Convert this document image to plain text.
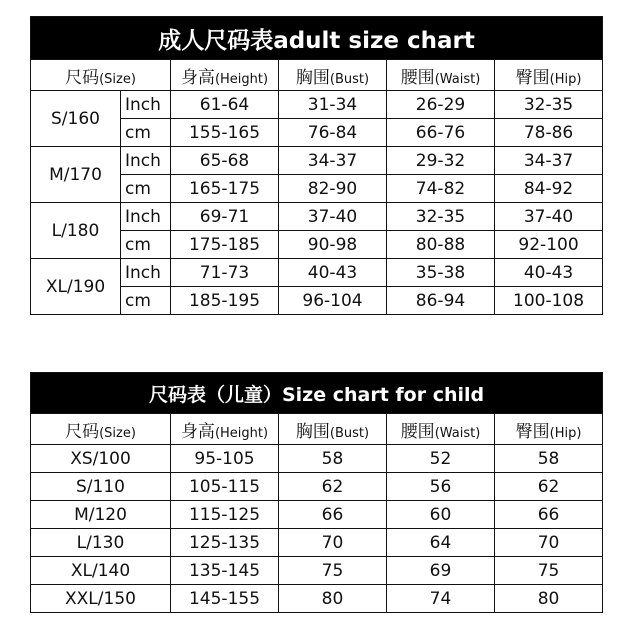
成人尺码表adult size chart					
尺码(Size)		身高(Height)	胸围(Bust)	腰围(Waist)	臀围(Hip)
S/160	Inch	61-64	31-34	26-29	32-35
	cm	155-165	76-84	66-76	78-86
M/170	Inch	65-68	34-37	29-32	34-37
	cm	165-175	82-90	74-82	84-92
L/180	Inch	69-71	37-40	32-35	37-40
	cm	175-185	90-98	80-88	92-100
XL/190	Inch	71-73	40-43	35-38	40-43
	cm	185-195	96-104	86-94	100-108
尺码表（儿童）Size chart for child				
尺码(Size)	身高(Height)	胸围(Bust)	腰围(Waist)	臀围(Hip)
XS/100	95-105	58	52	58
S/110	105-115	62	56	62
M/120	115-125	66	60	66
L/130	125-135	70	64	70
XL/140	135-145	75	69	75
XXL/150	145-155	80	74	80
